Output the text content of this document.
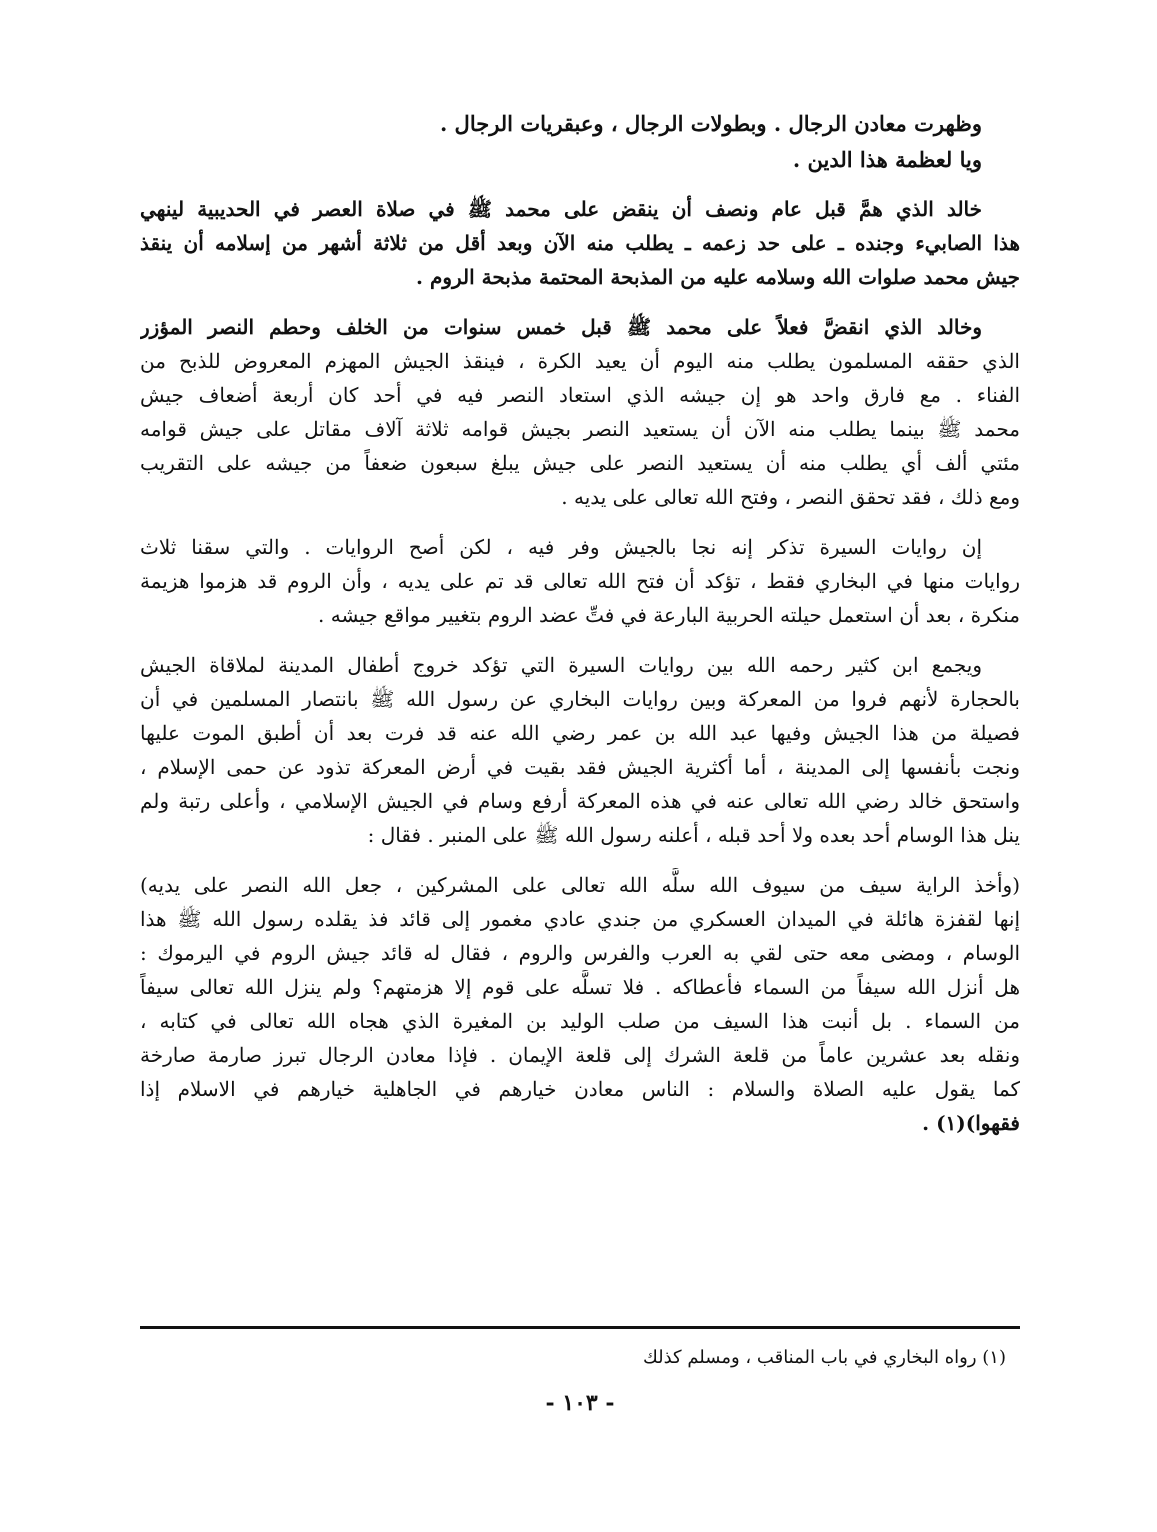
وظهرت معادن الرجال . وبطولات الرجال ، وعبقريات الرجال .

ويا لعظمة هذا الدين .

خالد الذي همَّ قبل عام ونصف أن ينقض على محمد ﷺ في صلاة العصر في الحديبية لينهي

هذا الصابيء وجنده ـ على حد زعمه ـ يطلب منه الآن وبعد أقل من ثلاثة أشهر من إسلامه أن ينقذ

جيش محمد صلوات الله وسلامه عليه من المذبحة المحتمة مذبحة الروم .

وخالد الذي انقضَّ فعلاً على محمد ﷺ قبل خمس سنوات من الخلف وحطم النصر المؤزر

الذي حققه المسلمون يطلب منه اليوم أن يعيد الكرة ، فينقذ الجيش المهزم المعروض للذبح من

الفناء . مع فارق واحد هو إن جيشه الذي استعاد النصر فيه في أحد كان أربعة أضعاف جيش

محمد ﷺ بينما يطلب منه الآن أن يستعيد النصر بجيش قوامه ثلاثة آلاف مقاتل على جيش قوامه

مئتي ألف أي يطلب منه أن يستعيد النصر على جيش يبلغ سبعون ضعفاً من جيشه على التقريب

ومع ذلك ، فقد تحقق النصر ، وفتح الله تعالى على يديه .

إن روايات السيرة تذكر إنه نجا بالجيش وفر فيه ، لكن أصح الروايات . والتي سقنا ثلاث

روايات منها في البخاري فقط ، تؤكد أن فتح الله تعالى قد تم على يديه ، وأن الروم قد هزموا هزيمة

منكرة ، بعد أن استعمل حيلته الحربية البارعة في فتِّ عضد الروم بتغيير مواقع جيشه .

ويجمع ابن كثير رحمه الله بين روايات السيرة التي تؤكد خروج أطفال المدينة لملاقاة الجيش

بالحجارة لأنهم فروا من المعركة وبين روايات البخاري عن رسول الله ﷺ بانتصار المسلمين في أن

فصيلة من هذا الجيش وفيها عبد الله بن عمر رضي الله عنه قد فرت بعد أن أطبق الموت عليها

ونجت بأنفسها إلى المدينة ، أما أكثرية الجيش فقد بقيت في أرض المعركة تذود عن حمى الإسلام ،

واستحق خالد رضي الله تعالى عنه في هذه المعركة أرفع وسام في الجيش الإسلامي ، وأعلى رتبة ولم

ينل هذا الوسام أحد بعده ولا أحد قبله ، أعلنه رسول الله ﷺ على المنبر . فقال :

(وأخذ الراية سيف من سيوف الله سلَّه الله تعالى على المشركين ، جعل الله النصر على يديه)

إنها لقفزة هائلة في الميدان العسكري من جندي عادي مغمور إلى قائد فذ يقلده رسول الله ﷺ هذا

الوسام ، ومضى معه حتى لقي به العرب والفرس والروم ، فقال له قائد جيش الروم في اليرموك :

هل أنزل الله سيفاً من السماء فأعطاكه . فلا تسلَّه على قوم إلا هزمتهم؟ ولم ينزل الله تعالى سيفاً

من السماء . بل أنبت هذا السيف من صلب الوليد بن المغيرة الذي هجاه الله تعالى في كتابه ،

ونقله بعد عشرين عاماً من قلعة الشرك إلى قلعة الإيمان . فإذا معادن الرجال تبرز صارمة صارخة

كما يقول عليه الصلاة والسلام : الناس معادن خيارهم في الجاهلية خيارهم في الاسلام إذا

فقهوا)(١) .

(١) رواه البخاري في باب المناقب ، ومسلم كذلك

- ١٠٣ -
